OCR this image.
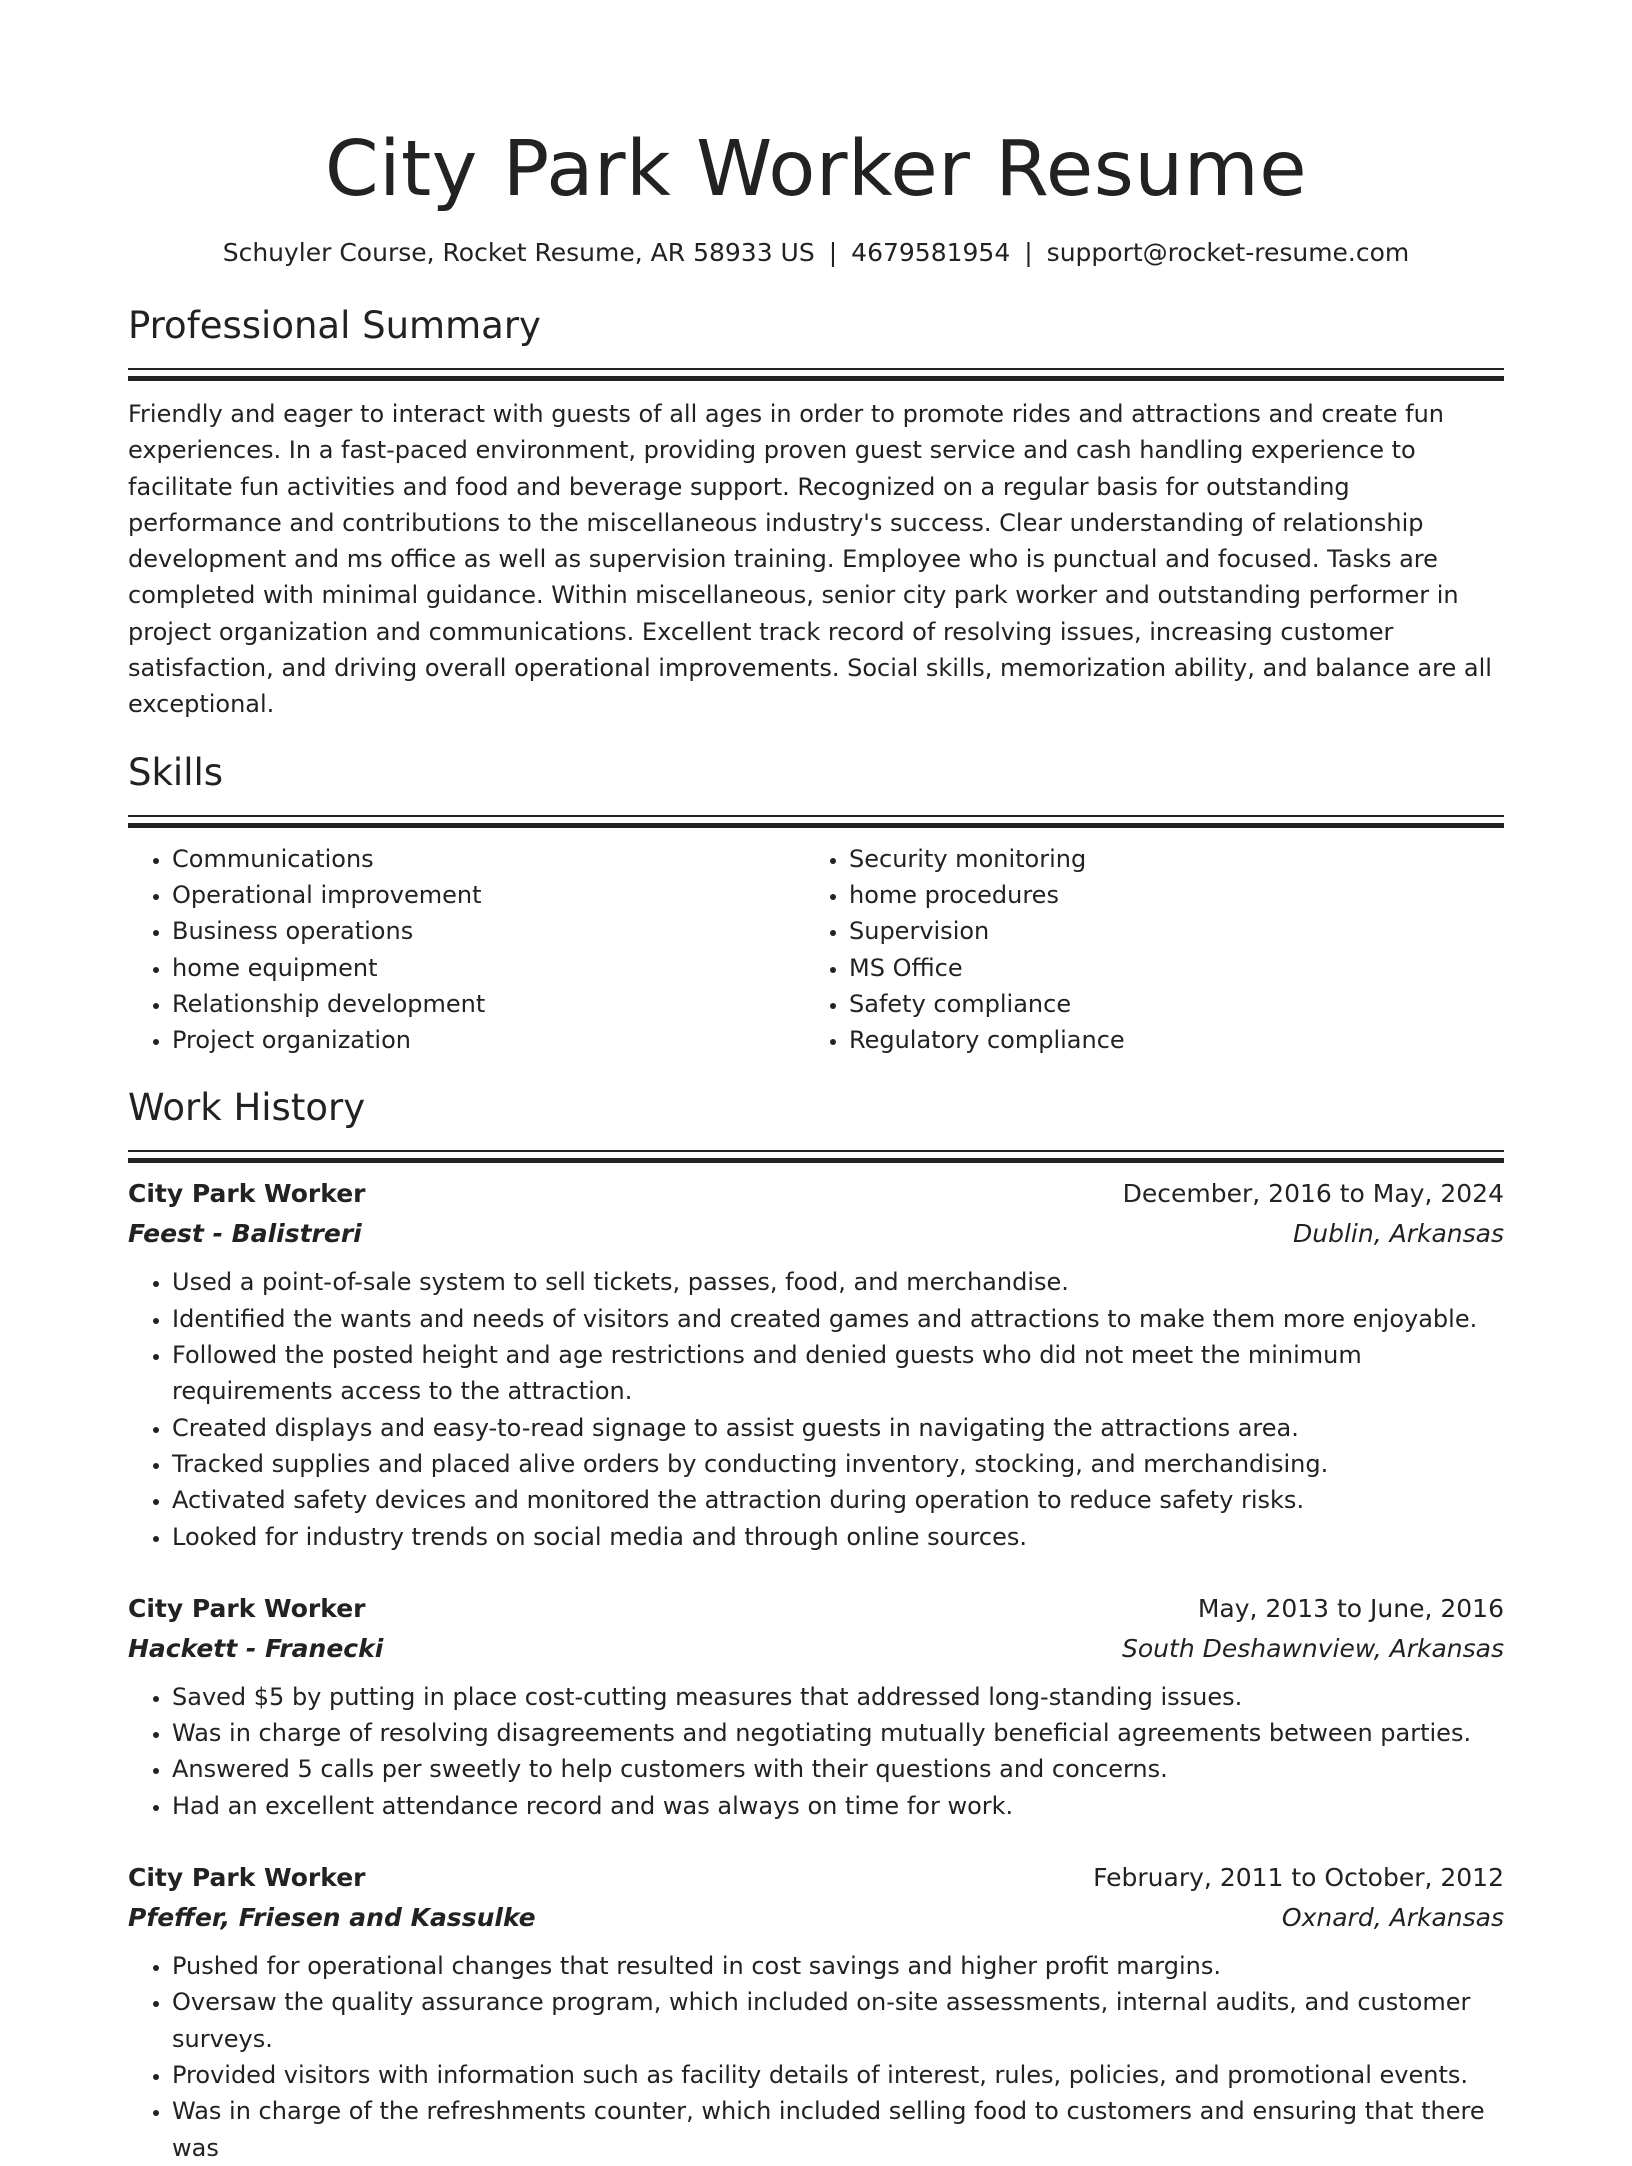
City Park Worker Resume
Schuyler Course, Rocket Resume, AR 58933 US | 4679581954 | support@rocket-resume.com
Professional Summary

Friendly and eager to interact with guests of all ages in order to promote rides and attractions and create fun experiences. In a fast-paced environment, providing proven guest service and cash handling experience to facilitate fun activities and food and beverage support. Recognized on a regular basis for outstanding performance and contributions to the miscellaneous industry's success. Clear understanding of relationship development and ms office as well as supervision training. Employee who is punctual and focused. Tasks are completed with minimal guidance. Within miscellaneous, senior city park worker and outstanding performer in project organization and communications. Excellent track record of resolving issues, increasing customer satisfaction, and driving overall operational improvements. Social skills, memorization ability, and balance are all exceptional.

Skills
• Communications
• Operational improvement
• Business operations
• home equipment
• Relationship development
• Project organization
• Security monitoring
• home procedures
• Supervision
• MS Office
• Safety compliance
• Regulatory compliance
Work History
City Park Worker	December, 2016 to May, 2024
Feest - Balistreri	Dublin, Arkansas
• Used a point-of-sale system to sell tickets, passes, food, and merchandise.
• Identified the wants and needs of visitors and created games and attractions to make them more enjoyable.
• Followed the posted height and age restrictions and denied guests who did not meet the minimum requirements access to the attraction.
• Created displays and easy-to-read signage to assist guests in navigating the attractions area.
• Tracked supplies and placed alive orders by conducting inventory, stocking, and merchandising.
• Activated safety devices and monitored the attraction during operation to reduce safety risks.
• Looked for industry trends on social media and through online sources.
City Park Worker	May, 2013 to June, 2016
Hackett - Franecki	South Deshawnview, Arkansas
• Saved $5 by putting in place cost-cutting measures that addressed long-standing issues.
• Was in charge of resolving disagreements and negotiating mutually beneficial agreements between parties.
• Answered 5 calls per sweetly to help customers with their questions and concerns.
• Had an excellent attendance record and was always on time for work.
City Park Worker	February, 2011 to October, 2012
Pfeffer, Friesen and Kassulke	Oxnard, Arkansas
• Pushed for operational changes that resulted in cost savings and higher profit margins.
• Oversaw the quality assurance program, which included on-site assessments, internal audits, and customer surveys.
• Provided visitors with information such as facility details of interest, rules, policies, and promotional events.
• Was in charge of the refreshments counter, which included selling food to customers and ensuring that there was
